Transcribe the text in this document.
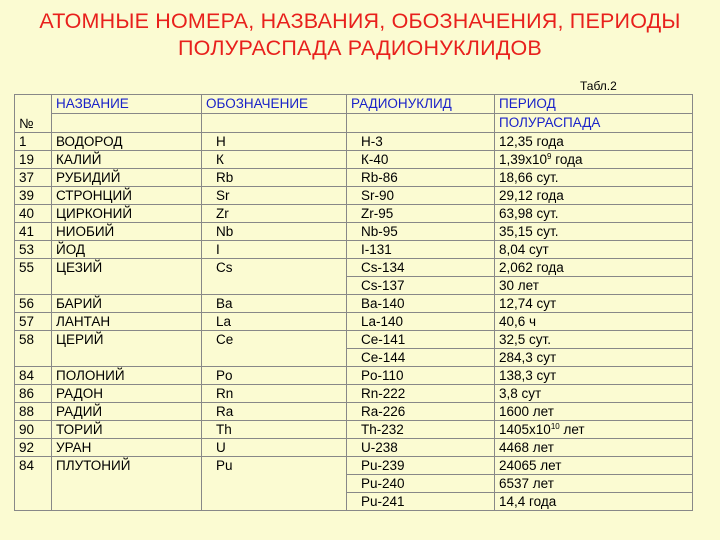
АТОМНЫЕ НОМЕРА, НАЗВАНИЯ, ОБОЗНАЧЕНИЯ, ПЕРИОДЫ
ПОЛУРАСПАДА РАДИОНУКЛИДОВ
Табл.2
№	НАЗВАНИЕ	ОБОЗНАЧЕНИЕ	РАДИОНУКЛИД	ПЕРИОД
				ПОЛУРАСПАДА
1	ВОДОРОД	H	H-3	12,35 года
19	КАЛИЙ	К	К-40	$1,39х10^9$ года
37	РУБИДИЙ	Rb	Rb-86	18,66 сут.
39	СТРОНЦИЙ	Sr	Sr-90	29,12 года
40	ЦИРКОНИЙ	Zr	Zr-95	63,98 сут.
41	НИОБИЙ	Nb	Nb-95	35,15 сут.
53	ЙОД	I	I-131	8,04 сут
55	ЦЕЗИЙ	Cs	Cs-134	2,062 года
			Cs-137	30 лет
56	БАРИЙ	Ba	Ba-140	12,74 сут
57	ЛАНТАН	La	La-140	40,6 ч
58	ЦЕРИЙ	Ce	Ce-141	32,5 сут.
			Ce-144	284,3 сут
84	ПОЛОНИЙ	Po	Po-110	138,3 сут
86	РАДОН	Rn	Rn-222	3,8 сут
88	РАДИЙ	Ra	Ra-226	1600 лет
90	ТОРИЙ	Th	Th-232	$1405х10^{10}$ лет
92	УРАН	U	U-238	4468 лет
84	ПЛУТОНИЙ	Pu	Pu-239	24065 лет
			Pu-240	6537 лет
			Pu-241	14,4 года
